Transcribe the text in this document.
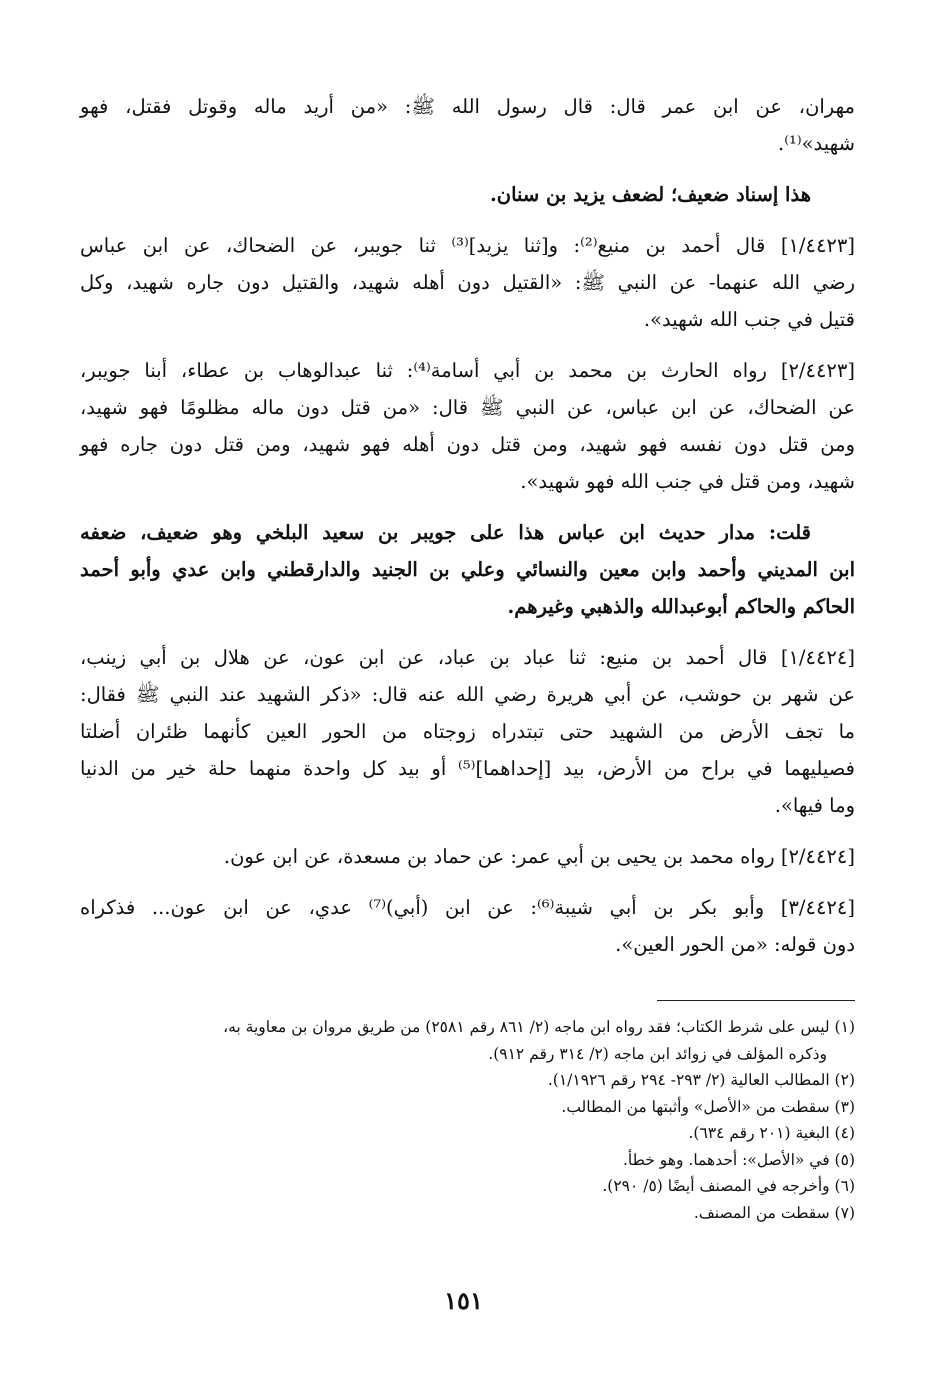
مهران، عن ابن عمر قال: قال رسول الله ﷺ: «من أريد ماله وقوتل فقتل، فهو
شهيد»⁽¹⁾.
هذا إسناد ضعيف؛ لضعف يزيد بن سنان.
[١/٤٤٢٣] قال أحمد بن منيع⁽²⁾: و[ثنا يزيد]⁽³⁾ ثنا جويبر، عن الضحاك، عن ابن عباس
رضي الله عنهما- عن النبي ﷺ: «القتيل دون أهله شهيد، والقتيل دون جاره شهيد، وكل
قتيل في جنب الله شهيد».
[٢/٤٤٢٣] رواه الحارث بن محمد بن أبي أسامة⁽⁴⁾: ثنا عبدالوهاب بن عطاء، أبنا جويبر،
عن الضحاك، عن ابن عباس، عن النبي ﷺ قال: «من قتل دون ماله مظلومًا فهو شهيد،
ومن قتل دون نفسه فهو شهيد، ومن قتل دون أهله فهو شهيد، ومن قتل دون جاره فهو
شهيد، ومن قتل في جنب الله فهو شهيد».
قلت: مدار حديث ابن عباس هذا على جويبر بن سعيد البلخي وهو ضعيف، ضعفه
ابن المديني وأحمد وابن معين والنسائي وعلي بن الجنيد والدارقطني وابن عدي وأبو أحمد
الحاكم والحاكم أبوعبدالله والذهبي وغيرهم.
[١/٤٤٢٤] قال أحمد بن منيع: ثنا عباد بن عباد، عن ابن عون، عن هلال بن أبي زينب،
عن شهر بن حوشب، عن أبي هريرة رضي الله عنه قال: «ذكر الشهيد عند النبي ﷺ فقال:
ما تجف الأرض من الشهيد حتى تبتدراه زوجتاه من الحور العين كأنهما ظئران أضلتا
فصيليهما في براح من الأرض، بيد [إحداهما]⁽⁵⁾ أو بيد كل واحدة منهما حلة خير من الدنيا
وما فيها».
[٢/٤٤٢٤] رواه محمد بن يحيى بن أبي عمر: عن حماد بن مسعدة، عن ابن عون.
[٣/٤٤٢٤] وأبو بكر بن أبي شيبة⁽⁶⁾: عن ابن (أبي)⁽⁷⁾ عدي، عن ابن عون... فذكراه
دون قوله: «من الحور العين».
(١) ليس على شرط الكتاب؛ فقد رواه ابن ماجه (٢/ ٨٦١ رقم ٢٥٨١) من طريق مروان بن معاوية به،
وذكره المؤلف في زوائد ابن ماجه (٢/ ٣١٤ رقم ٩١٢).
(٢) المطالب العالية (٢/ ٢٩٣- ٢٩٤ رقم ١/١٩٢٦).
(٣) سقطت من «الأصل» وأثبتها من المطالب.
(٤) البغية (٢٠١ رقم ٦٣٤).
(٥) في «الأصل»: أحدهما. وهو خطأ.
(٦) وأخرجه في المصنف أيضًا (٥/ ٢٩٠).
(٧) سقطت من المصنف.
١٥١
